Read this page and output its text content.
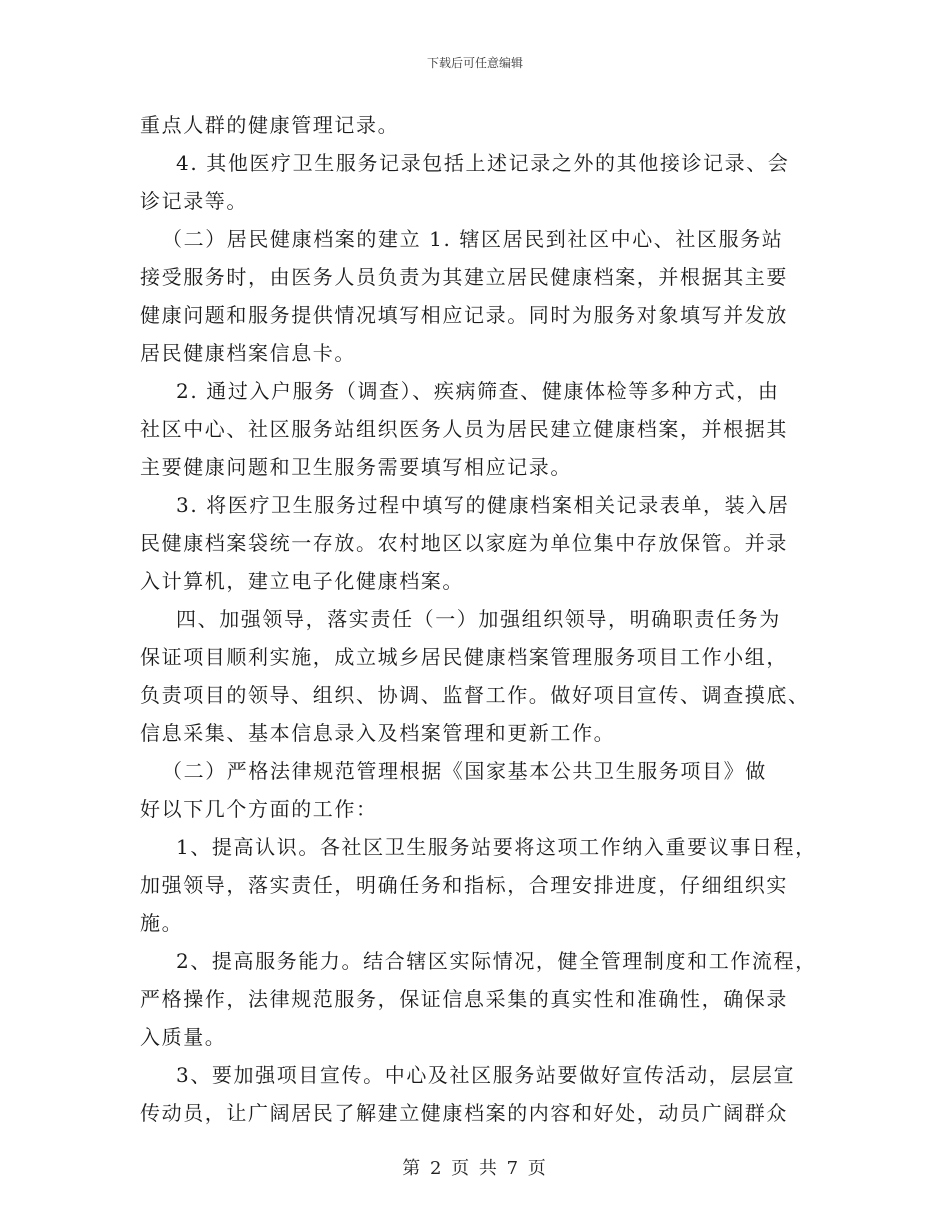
下载后可任意编辑
重点人群的健康管理记录。
4. 其他医疗卫生服务记录包括上述记录之外的其他接诊记录、会
诊记录等。
（二）居民健康档案的建立 1. 辖区居民到社区中心、社区服务站
接受服务时，由医务人员负责为其建立居民健康档案，并根据其主要
健康问题和服务提供情况填写相应记录。同时为服务对象填写并发放
居民健康档案信息卡。
2. 通过入户服务（调查）、疾病筛查、健康体检等多种方式，由
社区中心、社区服务站组织医务人员为居民建立健康档案，并根据其
主要健康问题和卫生服务需要填写相应记录。
3. 将医疗卫生服务过程中填写的健康档案相关记录表单，装入居
民健康档案袋统一存放。农村地区以家庭为单位集中存放保管。并录
入计算机，建立电子化健康档案。
四、加强领导，落实责任（一）加强组织领导，明确职责任务为
保证项目顺利实施，成立城乡居民健康档案管理服务项目工作小组，
负责项目的领导、组织、协调、监督工作。做好项目宣传、调查摸底、
信息采集、基本信息录入及档案管理和更新工作。
（二）严格法律规范管理根据《国家基本公共卫生服务项目》做
好以下几个方面的工作：
1、提高认识。各社区卫生服务站要将这项工作纳入重要议事日程，
加强领导，落实责任，明确任务和指标，合理安排进度，仔细组织实
施。
2、提高服务能力。结合辖区实际情况，健全管理制度和工作流程，
严格操作，法律规范服务，保证信息采集的真实性和准确性，确保录
入质量。
3、要加强项目宣传。中心及社区服务站要做好宣传活动，层层宣
传动员，让广阔居民了解建立健康档案的内容和好处，动员广阔群众
第 2 页 共 7 页
